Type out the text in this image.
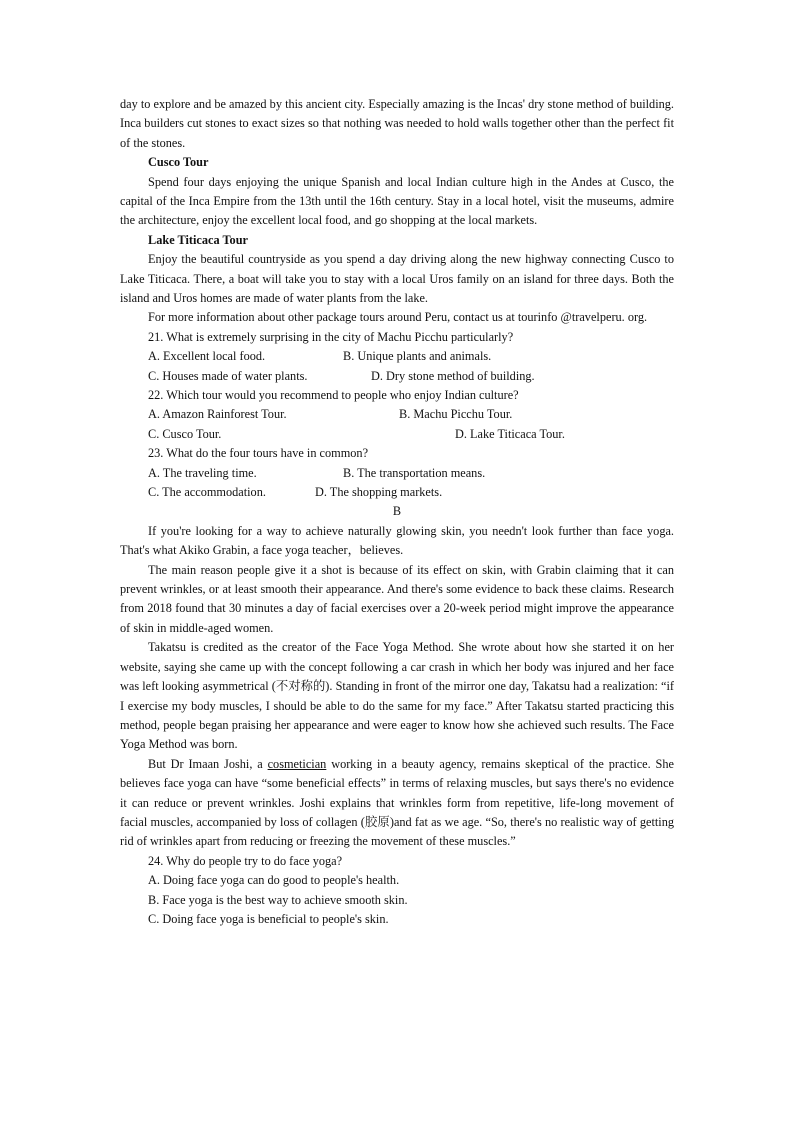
day to explore and be amazed by this ancient city. Especially amazing is the Incas' dry stone method of building. Inca builders cut stones to exact sizes so that nothing was needed to hold walls together other than the perfect fit of the stones.

Cusco Tour

Spend four days enjoying the unique Spanish and local Indian culture high in the Andes at Cusco, the capital of the Inca Empire from the 13th until the 16th century. Stay in a local hotel, visit the museums, admire the architecture, enjoy the excellent local food, and go shopping at the local markets.

Lake Titicaca Tour

Enjoy the beautiful countryside as you spend a day driving along the new highway connecting Cusco to Lake Titicaca. There, a boat will take you to stay with a local Uros family on an island for three days. Both the island and Uros homes are made of water plants from the lake.

For more information about other package tours around Peru, contact us at tourinfo @travelperu. org.

21. What is extremely surprising in the city of Machu Picchu particularly?

A. Excellent local food.	B. Unique plants and animals.
C. Houses made of water plants.	D. Dry stone method of building.

22. Which tour would you recommend to people who enjoy Indian culture?

A. Amazon Rainforest Tour.	B. Machu Picchu Tour.
C. Cusco Tour.	D. Lake Titicaca Tour.

23. What do the four tours have in common?

A. The traveling time.	B. The transportation means.
C. The accommodation.	D. The shopping markets.

B

If you're looking for a way to achieve naturally glowing skin, you needn't look further than face yoga. That's what Akiko Grabin, a face yoga teacher，believes.

The main reason people give it a shot is because of its effect on skin, with Grabin claiming that it can prevent wrinkles, or at least smooth their appearance. And there's some evidence to back these claims. Research from 2018 found that 30 minutes a day of facial exercises over a 20-week period might improve the appearance of skin in middle-aged women.

Takatsu is credited as the creator of the Face Yoga Method. She wrote about how she started it on her website, saying she came up with the concept following a car crash in which her body was injured and her face was left looking asymmetrical (不对称的). Standing in front of the mirror one day, Takatsu had a realization: “if I exercise my body muscles, I should be able to do the same for my face.” After Takatsu started practicing this method, people began praising her appearance and were eager to know how she achieved such results. The Face Yoga Method was born.

But Dr Imaan Joshi, a cosmetician working in a beauty agency, remains skeptical of the practice. She believes face yoga can have “some beneficial effects” in terms of relaxing muscles, but says there's no evidence it can reduce or prevent wrinkles. Joshi explains that wrinkles form from repetitive, life-long movement of facial muscles, accompanied by loss of collagen (胶原)and fat as we age. “So, there's no realistic way of getting rid of wrinkles apart from reducing or freezing the movement of these muscles.”

24. Why do people try to do face yoga?

A. Doing face yoga can do good to people's health.

B. Face yoga is the best way to achieve smooth skin.

C. Doing face yoga is beneficial to people's skin.
